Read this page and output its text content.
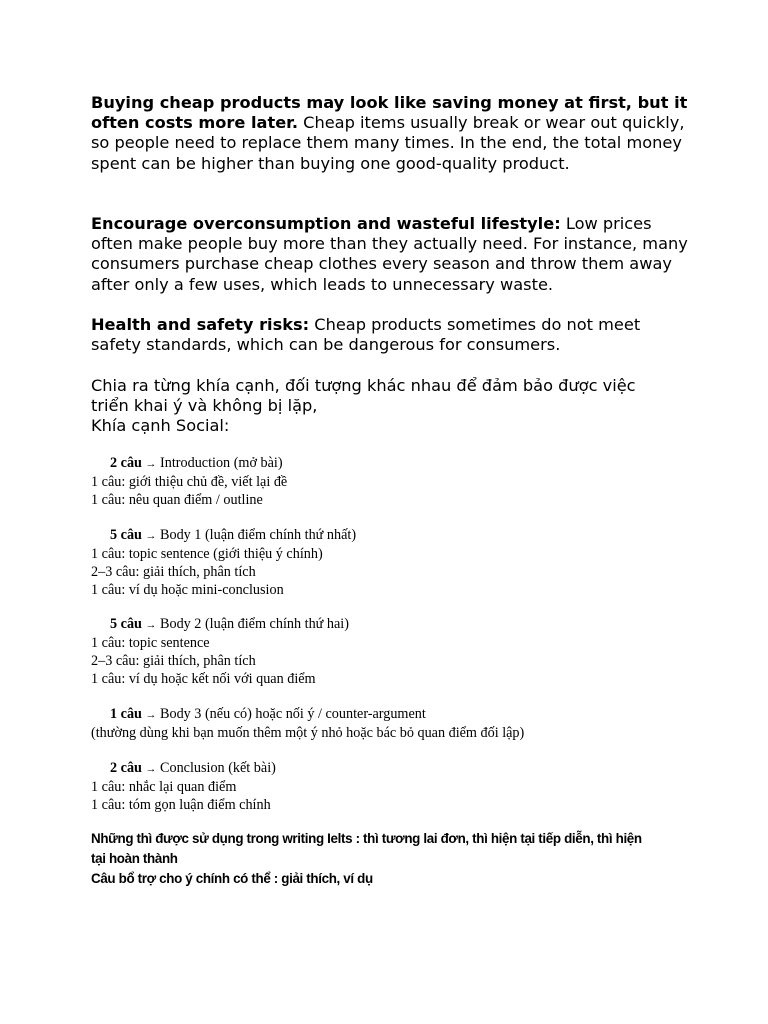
Buying cheap products may look like saving money at first, but it often costs more later. Cheap items usually break or wear out quickly, so people need to replace them many times. In the end, the total money spent can be higher than buying one good-quality product.

Encourage overconsumption and wasteful lifestyle: Low prices often make people buy more than they actually need. For instance, many consumers purchase cheap clothes every season and throw them away after only a few uses, which leads to unnecessary waste.

Health and safety risks: Cheap products sometimes do not meet safety standards, which can be dangerous for consumers.

Chia ra từng khía cạnh, đối tượng khác nhau để đảm bảo được việc
triển khai ý và không bị lặp,
Khía cạnh Social:
2 câu → Introduction (mở bài)
1 câu: giới thiệu chủ đề, viết lại đề
1 câu: nêu quan điểm / outline
5 câu → Body 1 (luận điểm chính thứ nhất)
1 câu: topic sentence (giới thiệu ý chính)
2–3 câu: giải thích, phân tích
1 câu: ví dụ hoặc mini-conclusion
5 câu → Body 2 (luận điểm chính thứ hai)
1 câu: topic sentence
2–3 câu: giải thích, phân tích
1 câu: ví dụ hoặc kết nối với quan điểm
1 câu → Body 3 (nếu có) hoặc nối ý / counter-argument
(thường dùng khi bạn muốn thêm một ý nhỏ hoặc bác bỏ quan điểm đối lập)
2 câu → Conclusion (kết bài)
1 câu: nhắc lại quan điểm
1 câu: tóm gọn luận điểm chính
Những thì được sử dụng trong writing Ielts : thì tương lai đơn, thì hiện tại tiếp diễn, thì hiện
tại hoàn thành
Câu bổ trợ cho ý chính có thể : giải thích, ví dụ
